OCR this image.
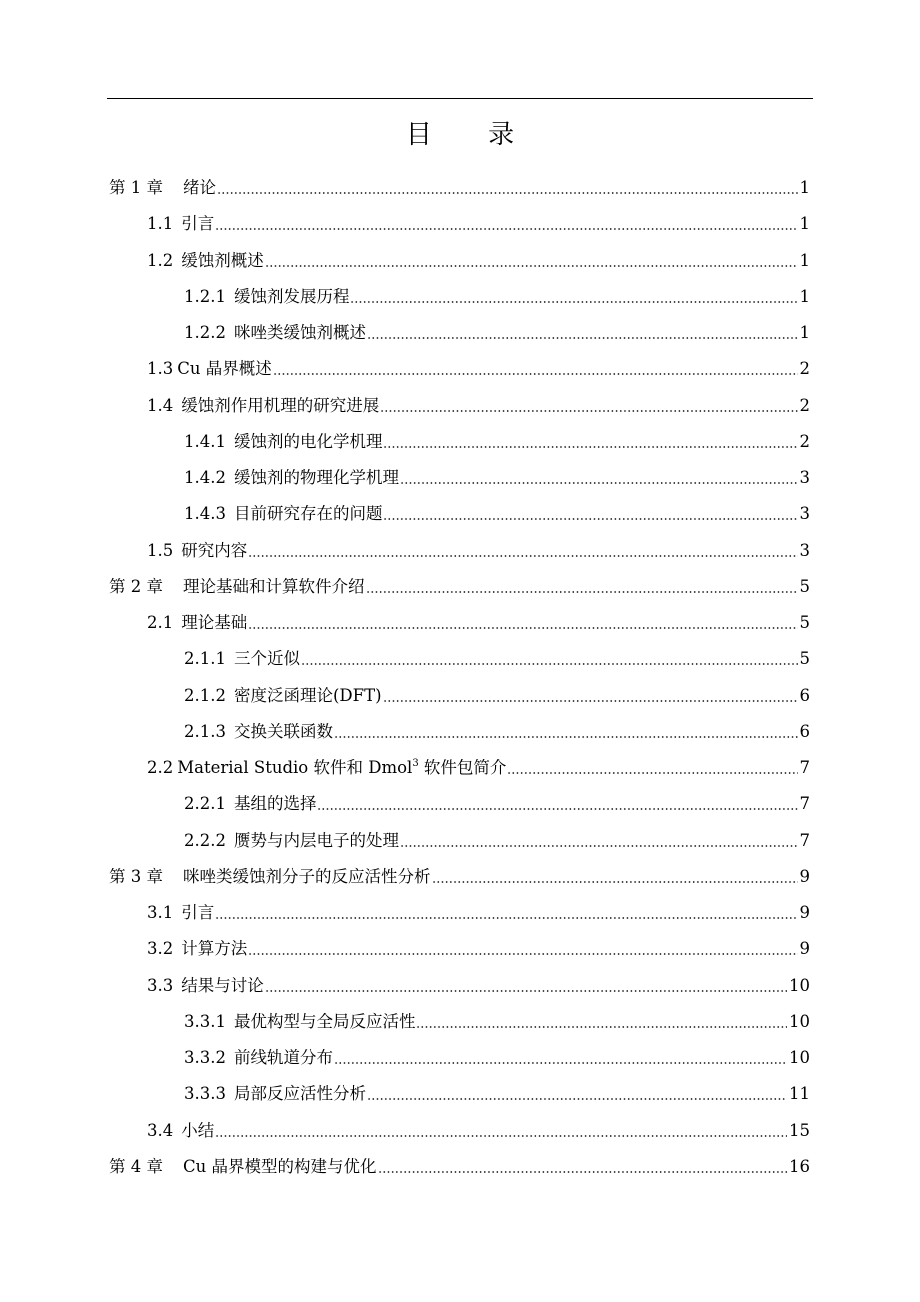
目 录
第 1 章 绪论	1
1.1 引言	1
1.2 缓蚀剂概述	1
1.2.1 缓蚀剂发展历程	1
1.2.2 咪唑类缓蚀剂概述	1
1.3 Cu 晶界概述	2
1.4 缓蚀剂作用机理的研究进展	2
1.4.1 缓蚀剂的电化学机理	2
1.4.2 缓蚀剂的物理化学机理	3
1.4.3 目前研究存在的问题	3
1.5 研究内容	3
第 2 章 理论基础和计算软件介绍	5
2.1 理论基础	5
2.1.1 三个近似	5
2.1.2 密度泛函理论(DFT)	6
2.1.3 交换关联函数	6
2.2 Material Studio 软件和 Dmol$^3$ 软件包简介	7
2.2.1 基组的选择	7
2.2.2 赝势与内层电子的处理	7
第 3 章 咪唑类缓蚀剂分子的反应活性分析	9
3.1 引言	9
3.2 计算方法	9
3.3 结果与讨论	10
3.3.1 最优构型与全局反应活性	10
3.3.2 前线轨道分布	10
3.3.3 局部反应活性分析	11
3.4 小结	15
第 4 章 Cu 晶界模型的构建与优化	16
